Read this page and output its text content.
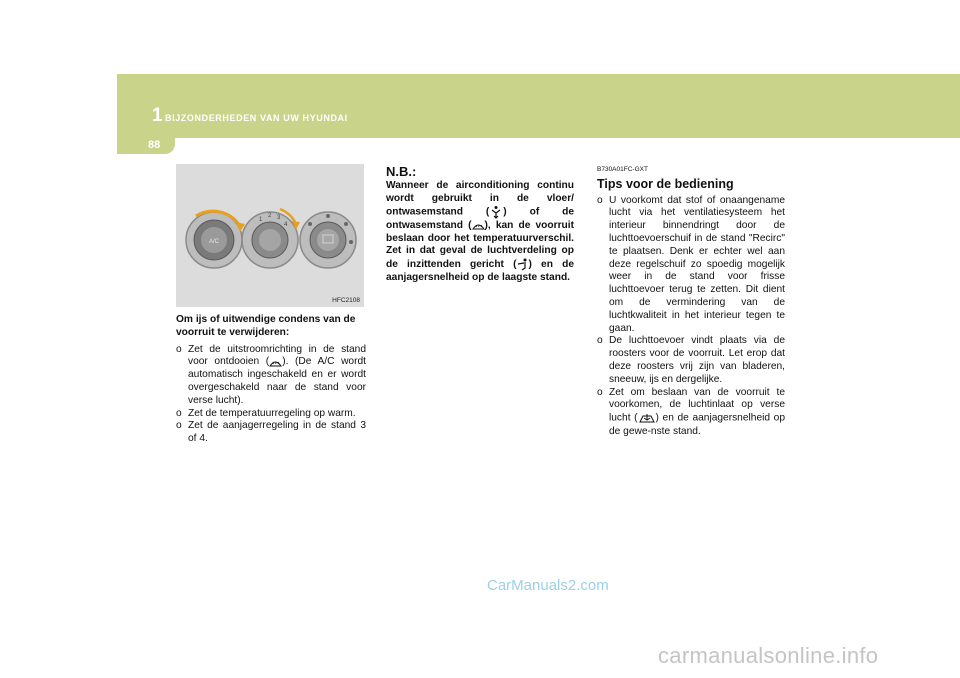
1 BIJZONDERHEDEN VAN UW HYUNDAI
88
A/C
1
2 3
4
HFC2108

Om ijs of uitwendige condens van de voorruit te verwijderen:

o Zet de uitstroomrichting in de stand voor ontdooien ( ). (De A/C wordt automatisch ingeschakeld en er wordt overgeschakeld naar de stand voor verse lucht).
o Zet de temperatuurregeling op warm.
o Zet de aanjagerregeling in de stand 3 of 4.

N.B.:

Wanneer de airconditioning continu wordt gebruikt in de vloer/ ontwasemstand ( ) of de ontwasemstand ( ), kan de voorruit beslaan door het temperatuurverschil. Zet in dat geval de luchtverdeling op de inzittenden gericht ( ) en de aanjagersnelheid op de laagste stand.

B730A01FC-GXT

Tips voor de bediening

o U voorkomt dat stof of onaangename lucht via het ventilatiesysteem het interieur binnendringt door de luchttoevoerschuif in de stand "Recirc" te plaatsen. Denk er echter wel aan deze regelschuif zo spoedig mogelijk weer in de stand voor frisse luchttoevoer terug te zetten. Dit dient om de vermindering van de luchtkwaliteit in het interieur tegen te gaan.
o De luchttoevoer vindt plaats via de roosters voor de voorruit. Let erop dat deze roosters vrij zijn van bladeren, sneeuw, ijs en dergelijke.
o Zet om beslaan van de voorruit te voorkomen, de luchtinlaat op verse lucht ( ) en de aanjagersnelheid op de gewe-nste stand.
CarManuals2.com
carmanualsonline.info
